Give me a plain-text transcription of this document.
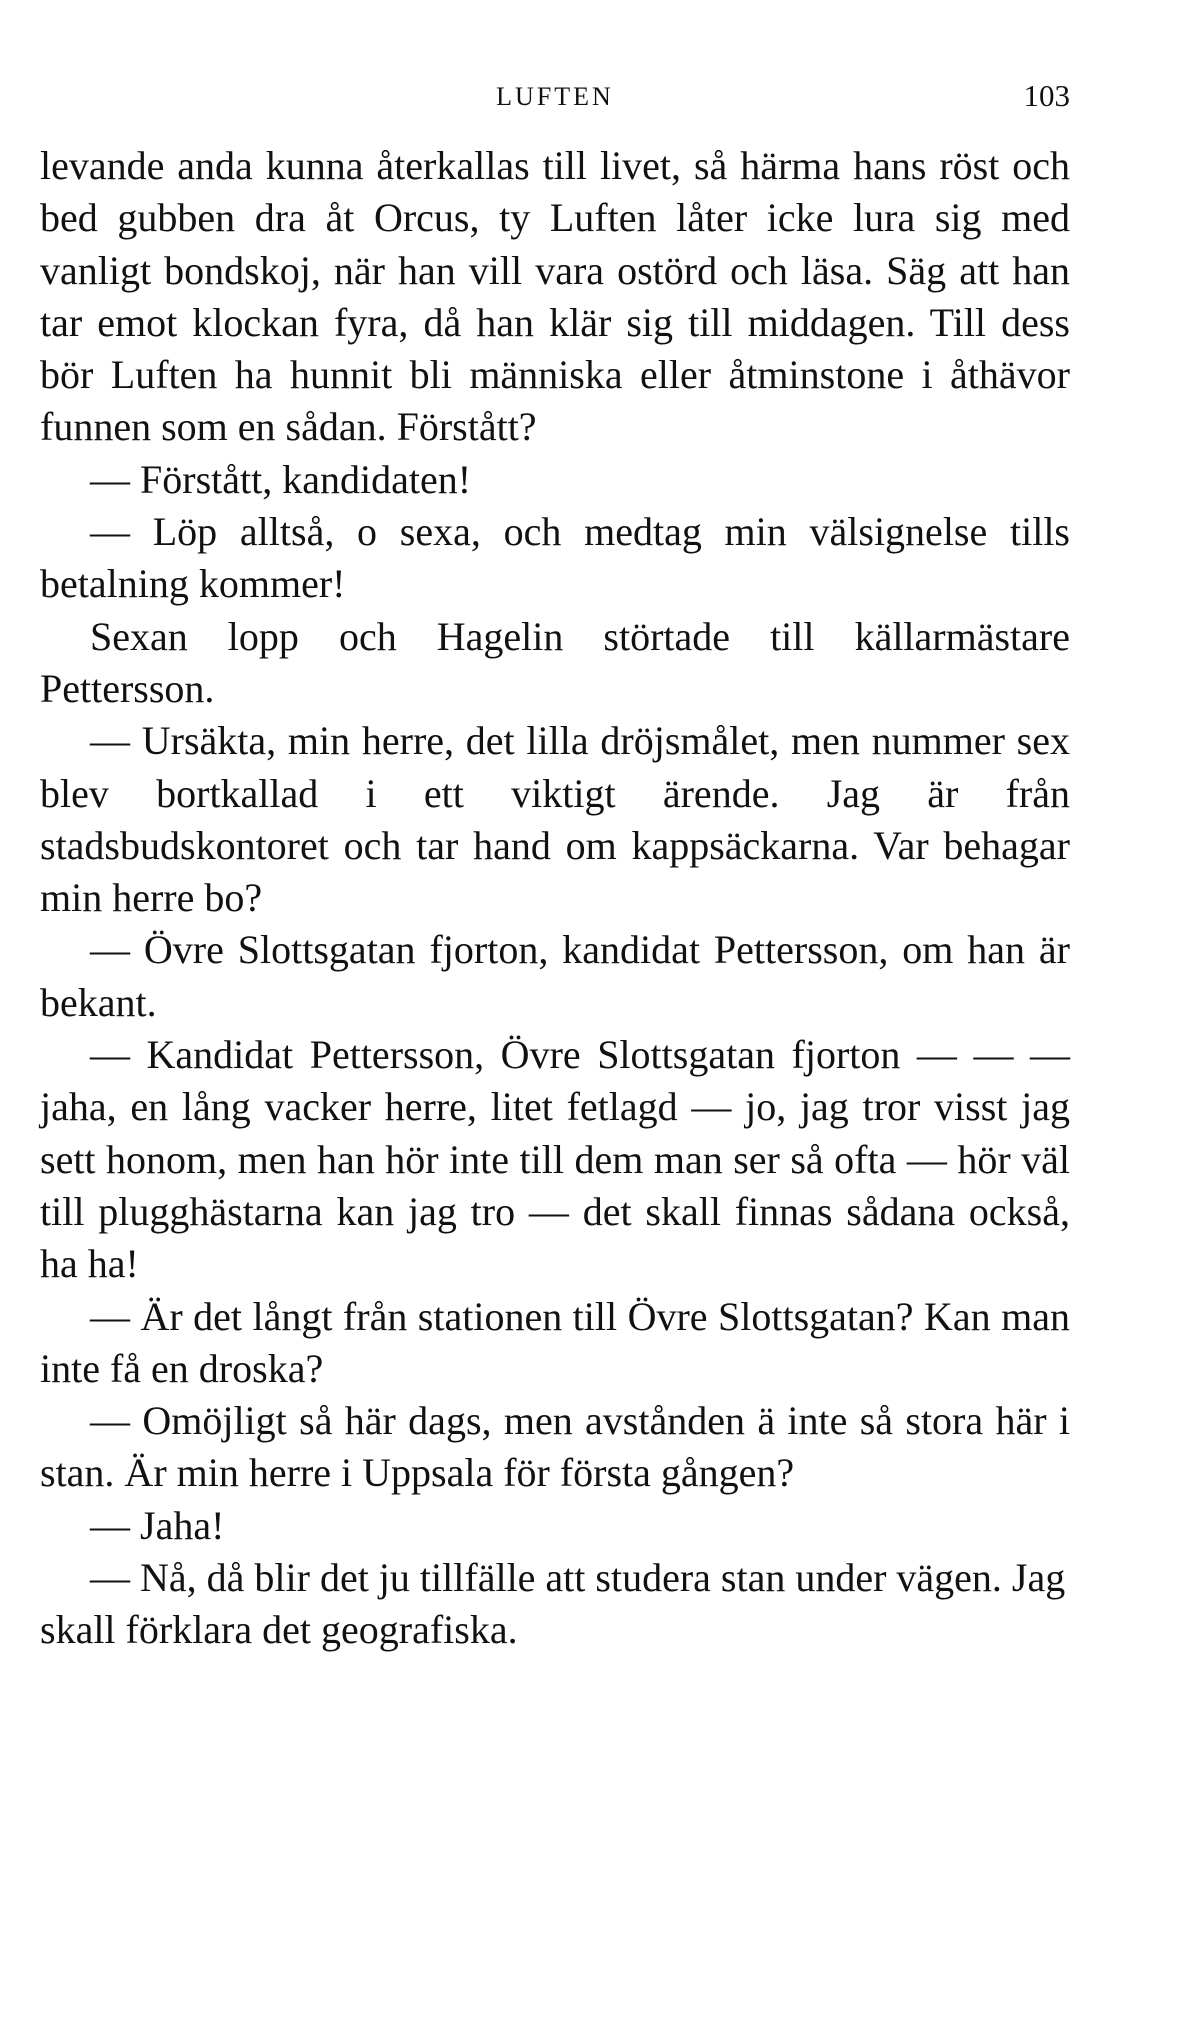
LUFTEN	103

levande anda kunna återkallas till livet, så härma hans röst och bed gubben dra åt Orcus, ty Luften låter icke lura sig med vanligt bondskoj, när han vill vara ostörd och läsa. Säg att han tar emot klockan fyra, då han klär sig till middagen. Till dess bör Luften ha hunnit bli människa eller åtminstone i åthävor funnen som en sådan. Förstått?

— Förstått, kandidaten!

— Löp alltså, o sexa, och medtag min välsignelse tills betalning kommer!

Sexan lopp och Hagelin störtade till källarmästare Pettersson.

— Ursäkta, min herre, det lilla dröjsmålet, men nummer sex blev bortkallad i ett viktigt ärende. Jag är från stadsbudskontoret och tar hand om kappsäckarna. Var behagar min herre bo?

— Övre Slottsgatan fjorton, kandidat Pettersson, om han är bekant.

— Kandidat Pettersson, Övre Slottsgatan fjorton — — — jaha, en lång vacker herre, litet fetlagd — jo, jag tror visst jag sett honom, men han hör inte till dem man ser så ofta — hör väl till plugghästarna kan jag tro — det skall finnas sådana också, ha ha!

— Är det långt från stationen till Övre Slottsgatan? Kan man inte få en droska?

— Omöjligt så här dags, men avstånden ä inte så stora här i stan. Är min herre i Uppsala för första gången?

— Jaha!

— Nå, då blir det ju tillfälle att studera stan under vägen. Jag skall förklara det geografiska.
